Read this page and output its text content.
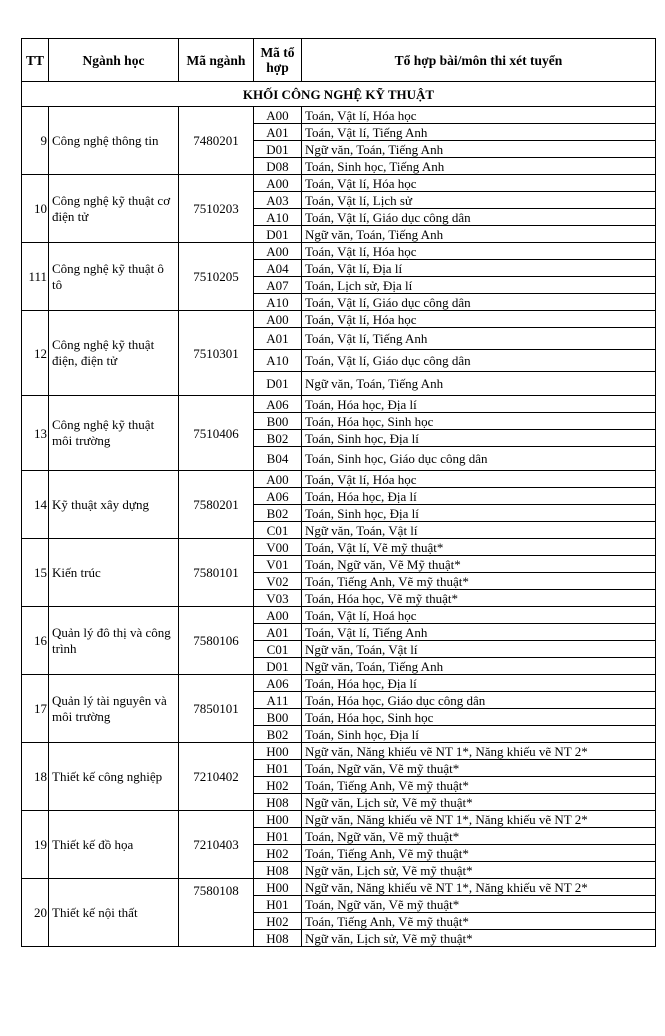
TT	Ngành học	Mã ngành	Mã tổ hợp	Tổ hợp bài/môn thi xét tuyển
KHỐI CÔNG NGHỆ KỸ THUẬT				
9	Công nghệ thông tin	7480201	A00	Toán, Vật lí, Hóa học
			A01	Toán, Vật lí, Tiếng Anh
			D01	Ngữ văn, Toán, Tiếng Anh
			D08	Toán, Sinh học, Tiếng Anh
10	Công nghệ kỹ thuật cơ điện tử	7510203	A00	Toán, Vật lí, Hóa học
			A03	Toán, Vật lí, Lịch sử
			A10	Toán, Vật lí, Giáo dục công dân
			D01	Ngữ văn, Toán, Tiếng Anh
111	Công nghệ kỹ thuật ô tô	7510205	A00	Toán, Vật lí, Hóa học
			A04	Toán, Vật lí, Địa lí
			A07	Toán, Lịch sử, Địa lí
			A10	Toán, Vật lí, Giáo dục công dân
12	Công nghệ kỹ thuật điện, điện tử	7510301	A00	Toán, Vật lí, Hóa học
			A01	Toán, Vật lí, Tiếng Anh
			A10	Toán, Vật lí, Giáo dục công dân
			D01	Ngữ văn, Toán, Tiếng Anh
13	Công nghệ kỹ thuật môi trường	7510406	A06	Toán, Hóa học, Địa lí
			B00	Toán, Hóa học, Sinh học
			B02	Toán, Sinh học, Địa lí
			B04	Toán, Sinh học, Giáo dục công dân
14	Kỹ thuật xây dựng	7580201	A00	Toán, Vật lí, Hóa học
			A06	Toán, Hóa học, Địa lí
			B02	Toán, Sinh học, Địa lí
			C01	Ngữ văn, Toán, Vật lí
15	Kiến trúc	7580101	V00	Toán, Vật lí, Vẽ mỹ thuật*
			V01	Toán, Ngữ văn, Vẽ Mỹ thuật*
			V02	Toán, Tiếng Anh, Vẽ mỹ thuật*
			V03	Toán, Hóa học, Vẽ mỹ thuật*
16	Quản lý đô thị và công trình	7580106	A00	Toán, Vật lí, Hoá học
			A01	Toán, Vật lí, Tiếng Anh
			C01	Ngữ văn, Toán, Vật lí
			D01	Ngữ văn, Toán, Tiếng Anh
17	Quản lý tài nguyên và môi trường	7850101	A06	Toán, Hóa học, Địa lí
			A11	Toán, Hóa học, Giáo dục công dân
			B00	Toán, Hóa học, Sinh học
			B02	Toán, Sinh học, Địa lí
18	Thiết kế công nghiệp	7210402	H00	Ngữ văn, Năng khiếu vẽ NT 1*, Năng khiếu vẽ NT 2*
			H01	Toán, Ngữ văn, Vẽ mỹ thuật*
			H02	Toán, Tiếng Anh, Vẽ mỹ thuật*
			H08	Ngữ văn, Lịch sử, Vẽ mỹ thuật*
19	Thiết kế đồ họa	7210403	H00	Ngữ văn, Năng khiếu vẽ NT 1*, Năng khiếu vẽ NT 2*
			H01	Toán, Ngữ văn, Vẽ mỹ thuật*
			H02	Toán, Tiếng Anh, Vẽ mỹ thuật*
			H08	Ngữ văn, Lịch sử, Vẽ mỹ thuật*
20	Thiết kế nội thất	7580108	H00	Ngữ văn, Năng khiếu vẽ NT 1*, Năng khiếu vẽ NT 2*
			H01	Toán, Ngữ văn, Vẽ mỹ thuật*
			H02	Toán, Tiếng Anh, Vẽ mỹ thuật*
			H08	Ngữ văn, Lịch sử, Vẽ mỹ thuật*
